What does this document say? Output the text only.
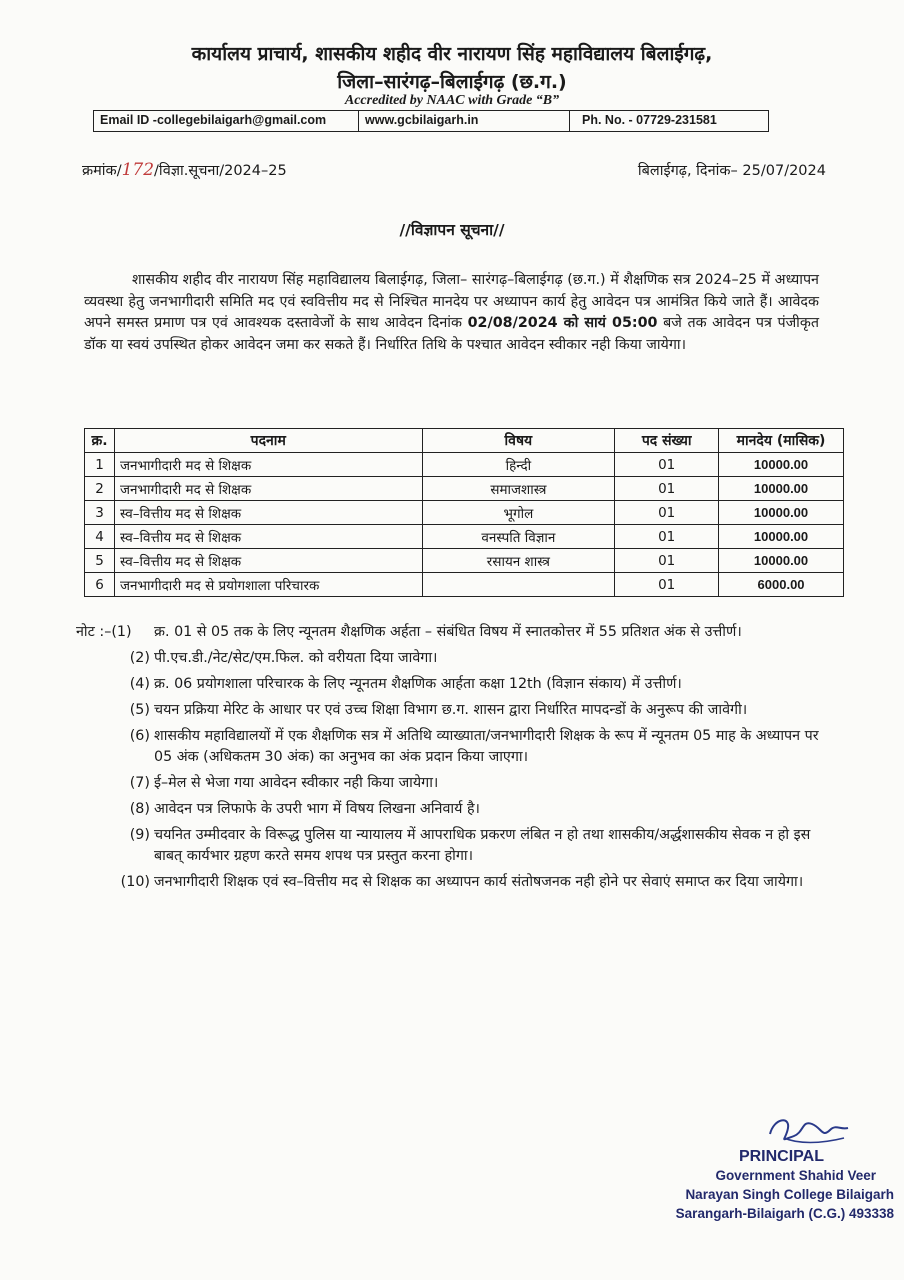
कार्यालय प्राचार्य, शासकीय शहीद वीर नारायण सिंह महाविद्यालय बिलाईगढ़,
जिला–सारंगढ़–बिलाईगढ़ (छ.ग.)
Accredited by NAAC with Grade “B”
Email ID -collegebilaigarh@gmail.com	www.gcbilaigarh.in	Ph. No. - 07729-231581
क्रमांक/172/विज्ञा.सूचना/2024–25	बिलाईगढ़, दिनांक– 25/07/2024
//विज्ञापन सूचना//
शासकीय शहीद वीर नारायण सिंह महाविद्यालय बिलाईगढ़, जिला– सारंगढ़–बिलाईगढ़ (छ.ग.) में शैक्षणिक सत्र 2024–25 में अध्यापन व्यवस्था हेतु जनभागीदारी समिति मद एवं स्ववित्तीय मद से निश्चित मानदेय पर अध्यापन कार्य हेतु आवेदन पत्र आमंत्रित किये जाते हैं। आवेदक अपने समस्त प्रमाण पत्र एवं आवश्यक दस्तावेजों के साथ आवेदन दिनांक 02/08/2024 को सायं 05:00 बजे तक आवेदन पत्र पंजीकृत डॉक या स्वयं उपस्थित होकर आवेदन जमा कर सकते हैं। निर्धारित तिथि के पश्चात आवेदन स्वीकार नही किया जायेगा।
क्र.	पदनाम	विषय	पद संख्या	मानदेय (मासिक)
1	जनभागीदारी मद से शिक्षक	हिन्दी	01	10000.00
2	जनभागीदारी मद से शिक्षक	समाजशास्त्र	01	10000.00
3	स्व–वित्तीय मद से शिक्षक	भूगोल	01	10000.00
4	स्व–वित्तीय मद से शिक्षक	वनस्पति विज्ञान	01	10000.00
5	स्व–वित्तीय मद से शिक्षक	रसायन शास्त्र	01	10000.00
6	जनभागीदारी मद से प्रयोगशाला परिचारक		01	6000.00
नोट :–(1)	क्र. 01 से 05 तक के लिए न्यूनतम शैक्षणिक अर्हता – संबंधित विषय में स्नातकोत्तर में 55 प्रतिशत अंक से उत्तीर्ण।
(2) पी.एच.डी./नेट/सेट/एम.फिल. को वरीयता दिया जावेगा।
(4) क्र. 06 प्रयोगशाला परिचारक के लिए न्यूनतम शैक्षणिक आर्हता कक्षा 12th (विज्ञान संकाय) में उत्तीर्ण।
(5) चयन प्रक्रिया मेरिट के आधार पर एवं उच्च शिक्षा विभाग छ.ग. शासन द्वारा निर्धारित मापदन्डों के अनुरूप की जावेगी।
(6) शासकीय महाविद्यालयों में एक शैक्षणिक सत्र में अतिथि व्याख्याता/जनभागीदारी शिक्षक के रूप में न्यूनतम 05 माह के अध्यापन पर 05 अंक (अधिकतम 30 अंक) का अनुभव का अंक प्रदान किया जाएगा।
(7) ई–मेल से भेजा गया आवेदन स्वीकार नही किया जायेगा।
(8) आवेदन पत्र लिफाफे के उपरी भाग में विषय लिखना अनिवार्य है।
(9) चयनित उम्मीदवार के विरूद्ध पुलिस या न्यायालय में आपराधिक प्रकरण लंबित न हो तथा शासकीय/अर्द्धशासकीय सेवक न हो इस बाबत् कार्यभार ग्रहण करते समय शपथ पत्र प्रस्तुत करना होगा।
(10) जनभागीदारी शिक्षक एवं स्व–वित्तीय मद से शिक्षक का अध्यापन कार्य संतोषजनक नही होने पर सेवाएं समाप्त कर दिया जायेगा।
PRINCIPAL
Government Shahid Veer
Narayan Singh College Bilaigarh
Sarangarh-Bilaigarh (C.G.) 493338
